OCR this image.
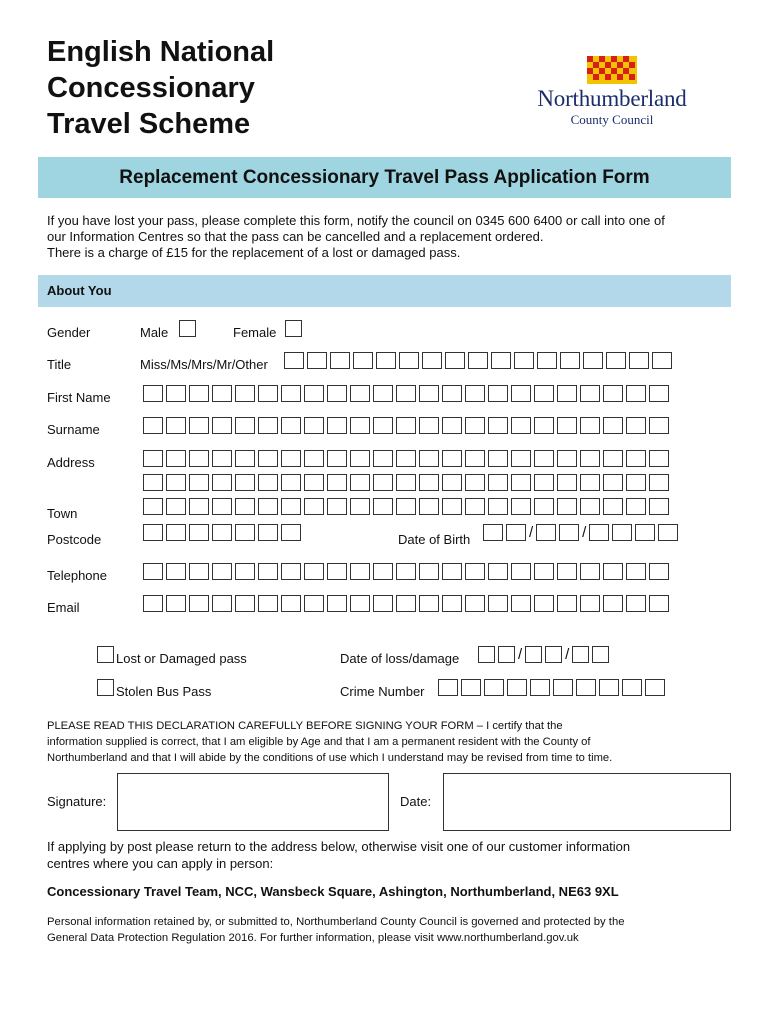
English National
Concessionary
Travel Scheme
Northumberland
County Council
Replacement Concessionary Travel Pass Application Form
If you have lost your pass, please complete this form, notify the council on 0345 600 6400 or call into one of
our Information Centres so that the pass can be cancelled and a replacement ordered.
There is a charge of £15 for the replacement of a lost or damaged pass.
About You
Gender	Male	Female
Title	Miss/Ms/Mrs/Mr/Other
First Name
Surname
Address
Town
Postcode	Date of Birth	/	/
Telephone
Email
Lost or Damaged pass	Date of loss/damage	/	/
Stolen Bus Pass	Crime Number
PLEASE READ THIS DECLARATION CAREFULLY BEFORE SIGNING YOUR FORM – I certify that the
information supplied is correct, that I am eligible by Age and that I am a permanent resident with the County of
Northumberland and that I will abide by the conditions of use which I understand may be revised from time to time.
Signature:	Date:
If applying by post please return to the address below, otherwise visit one of our customer information
centres where you can apply in person:
Concessionary Travel Team, NCC, Wansbeck Square, Ashington, Northumberland, NE63 9XL
Personal information retained by, or submitted to, Northumberland County Council is governed and protected by the
General Data Protection Regulation 2016. For further information, please visit www.northumberland.gov.uk
